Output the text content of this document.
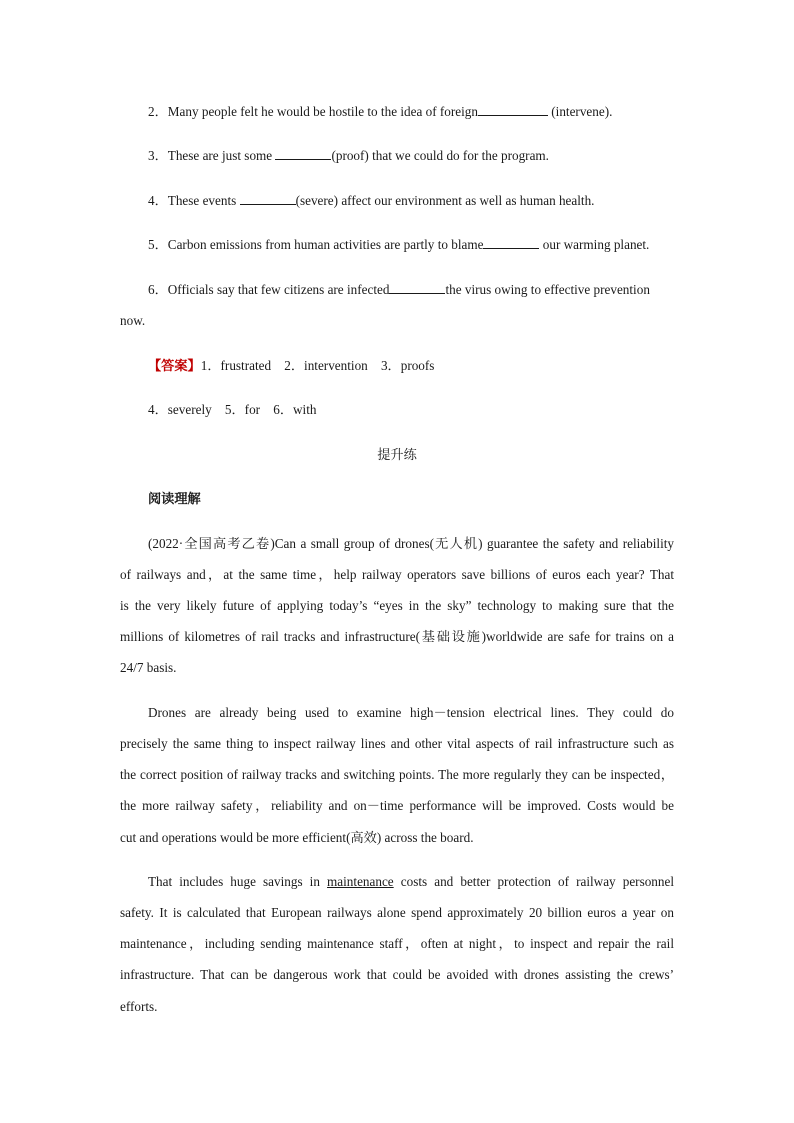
2．Many people felt he would be hostile to the idea of foreign	(intervene).
3．These are just some	(proof) that we could do for the program.
4．These events	(severe) affect our environment as well as human health.
5．Carbon emissions from human activities are partly to blame	our warming planet.
6．Officials say that few citizens are infected	the virus owing to effective prevention
now.
【答案】1．frustrated　2．intervention　3．proofs
4．severely　5．for　6．with
提升练
阅读理解
(2022·全国高考乙卷)Can a small group of drones(无人机) guarantee the safety and reliability
of railways and，at the same time，help railway operators save billions of euros each year? That
is the very likely future of applying today’s “eyes in the sky” technology to making sure that the
millions of kilometres of rail tracks and infrastructure(基础设施)worldwide are safe for trains on a
24/7 basis.
Drones are already being used to examine high－tension electrical lines. They could do
precisely the same thing to inspect railway lines and other vital aspects of rail infrastructure such as
the correct position of railway tracks and switching points. The more regularly they can be inspected，
the more railway safety，reliability and on－time performance will be improved. Costs would be
cut and operations would be more efficient(高效) across the board.
That includes huge savings in maintenance costs and better protection of railway personnel
safety. It is calculated that European railways alone spend approximately 20 billion euros a year on
maintenance，including sending maintenance staff，often at night，to inspect and repair the rail
infrastructure. That can be dangerous work that could be avoided with drones assisting the crews’
efforts.
